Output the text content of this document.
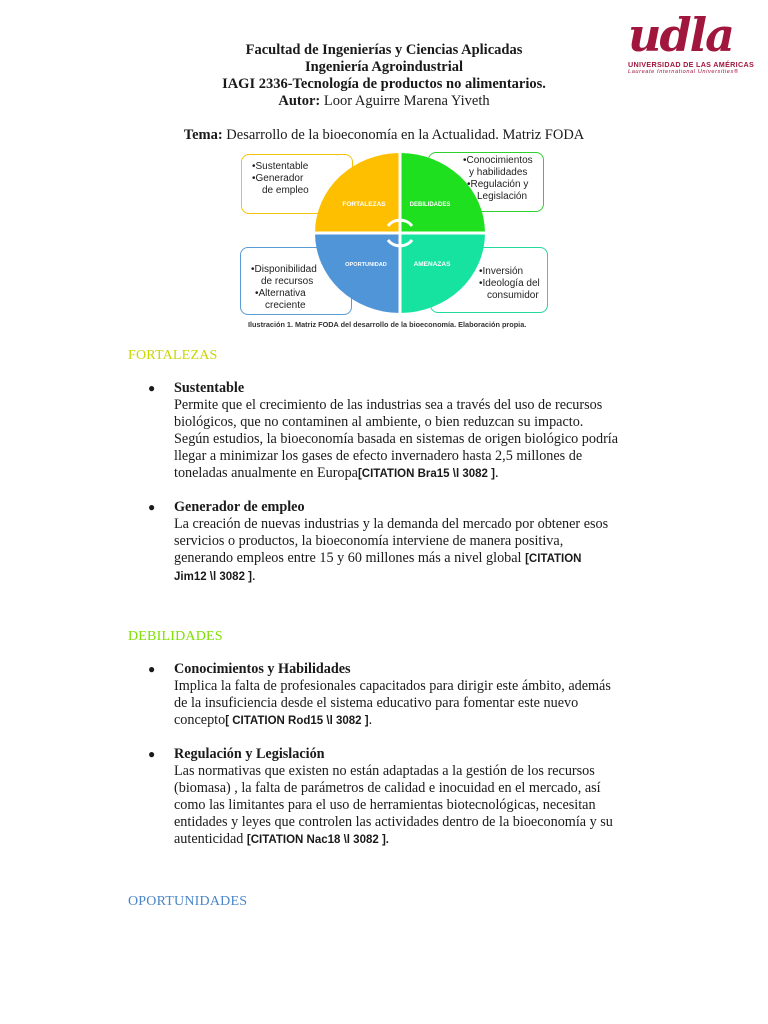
Facultad de Ingenierías y Ciencias Aplicadas
Ingeniería Agroindustrial
IAGI 2336-Tecnología de productos no alimentarios.
Autor: Loor Aguirre Marena Yiveth
udla
UNIVERSIDAD DE LAS AMÉRICAS
Laureate International Universities®
Tema: Desarrollo de la bioeconomía en la Actualidad. Matriz FODA
•Sustentable
•Generador
de empleo
•Conocimientos
y habilidades
•Regulación y
Legislación
•Disponibilidad
de recursos
•Alternativa
creciente
•Inversión
•Ideología del
consumidor
FORTALEZAS	DEBILIDADES
OPORTUNIDAD	AMENAZAS
Ilustración 1. Matriz FODA del desarrollo de la bioeconomía. Elaboración propia.
FORTALEZAS
● Sustentable
Permite que el crecimiento de las industrias sea a través del uso de recursos
biológicos, que no contaminen al ambiente, o bien reduzcan su impacto.
Según estudios, la bioeconomía basada en sistemas de origen biológico podría
llegar a minimizar los gases de efecto invernadero hasta 2,5 millones de
toneladas anualmente en Europa[CITATION Bra15 \l 3082 ].
● Generador de empleo
La creación de nuevas industrias y la demanda del mercado por obtener esos
servicios o productos, la bioeconomía interviene de manera positiva,
generando empleos entre 15 y 60 millones más a nivel global [CITATION
Jim12 \l 3082 ].
DEBILIDADES
● Conocimientos y Habilidades
Implica la falta de profesionales capacitados para dirigir este ámbito, además
de la insuficiencia desde el sistema educativo para fomentar este nuevo
concepto[ CITATION Rod15 \l 3082 ].
● Regulación y Legislación
Las normativas que existen no están adaptadas a la gestión de los recursos
(biomasa) , la falta de parámetros de calidad e inocuidad en el mercado, así
como las limitantes para el uso de herramientas biotecnológicas, necesitan
entidades y leyes que controlen las actividades dentro de la bioeconomía y su
autenticidad [CITATION Nac18 \l 3082 ].
OPORTUNIDADES
